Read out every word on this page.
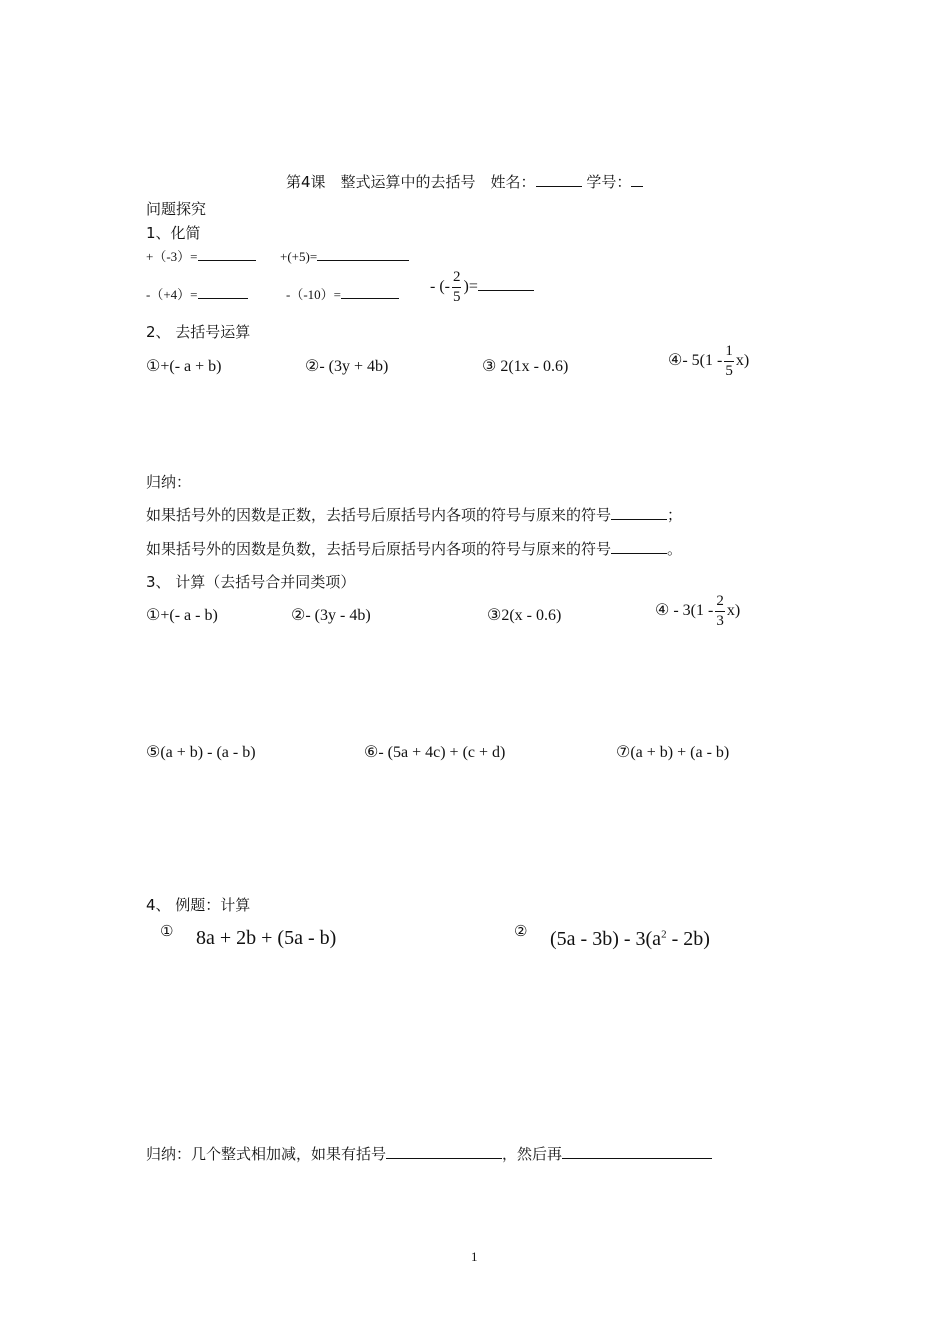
第4课　整式运算中的去括号　姓名：	学号：
问题探究
1、化简
+（-3）=	+(+5)=
-（+4）=	-（-10）=	- (- $\frac{2}{5}$ )=
2、 去括号运算
①+(- a + b)	②- (3y + 4b)	③ 2(1x - 0.6)	④- $5(1 - \frac{1}{5} x)$
归纳：
如果括号外的因数是正数，去括号后原括号内各项的符号与原来的符号	；
如果括号外的因数是负数，去括号后原括号内各项的符号与原来的符号	。
3、 计算（去括号合并同类项）
①+(- a - b)	②- (3y - 4b)	③2(x - 0.6)	④ - $3(1 - \frac{2}{3} x)$
⑤(a + b) - (a - b)	⑥- (5a + 4c) + (c + d)	⑦(a + b) + (a - b)
4、 例题：计算
① 8a + 2b + (5a - b)	② $(5a - 3b) - 3(a^2 - 2b)$
归纳：几个整式相加减，如果有括号	，然后再
1
